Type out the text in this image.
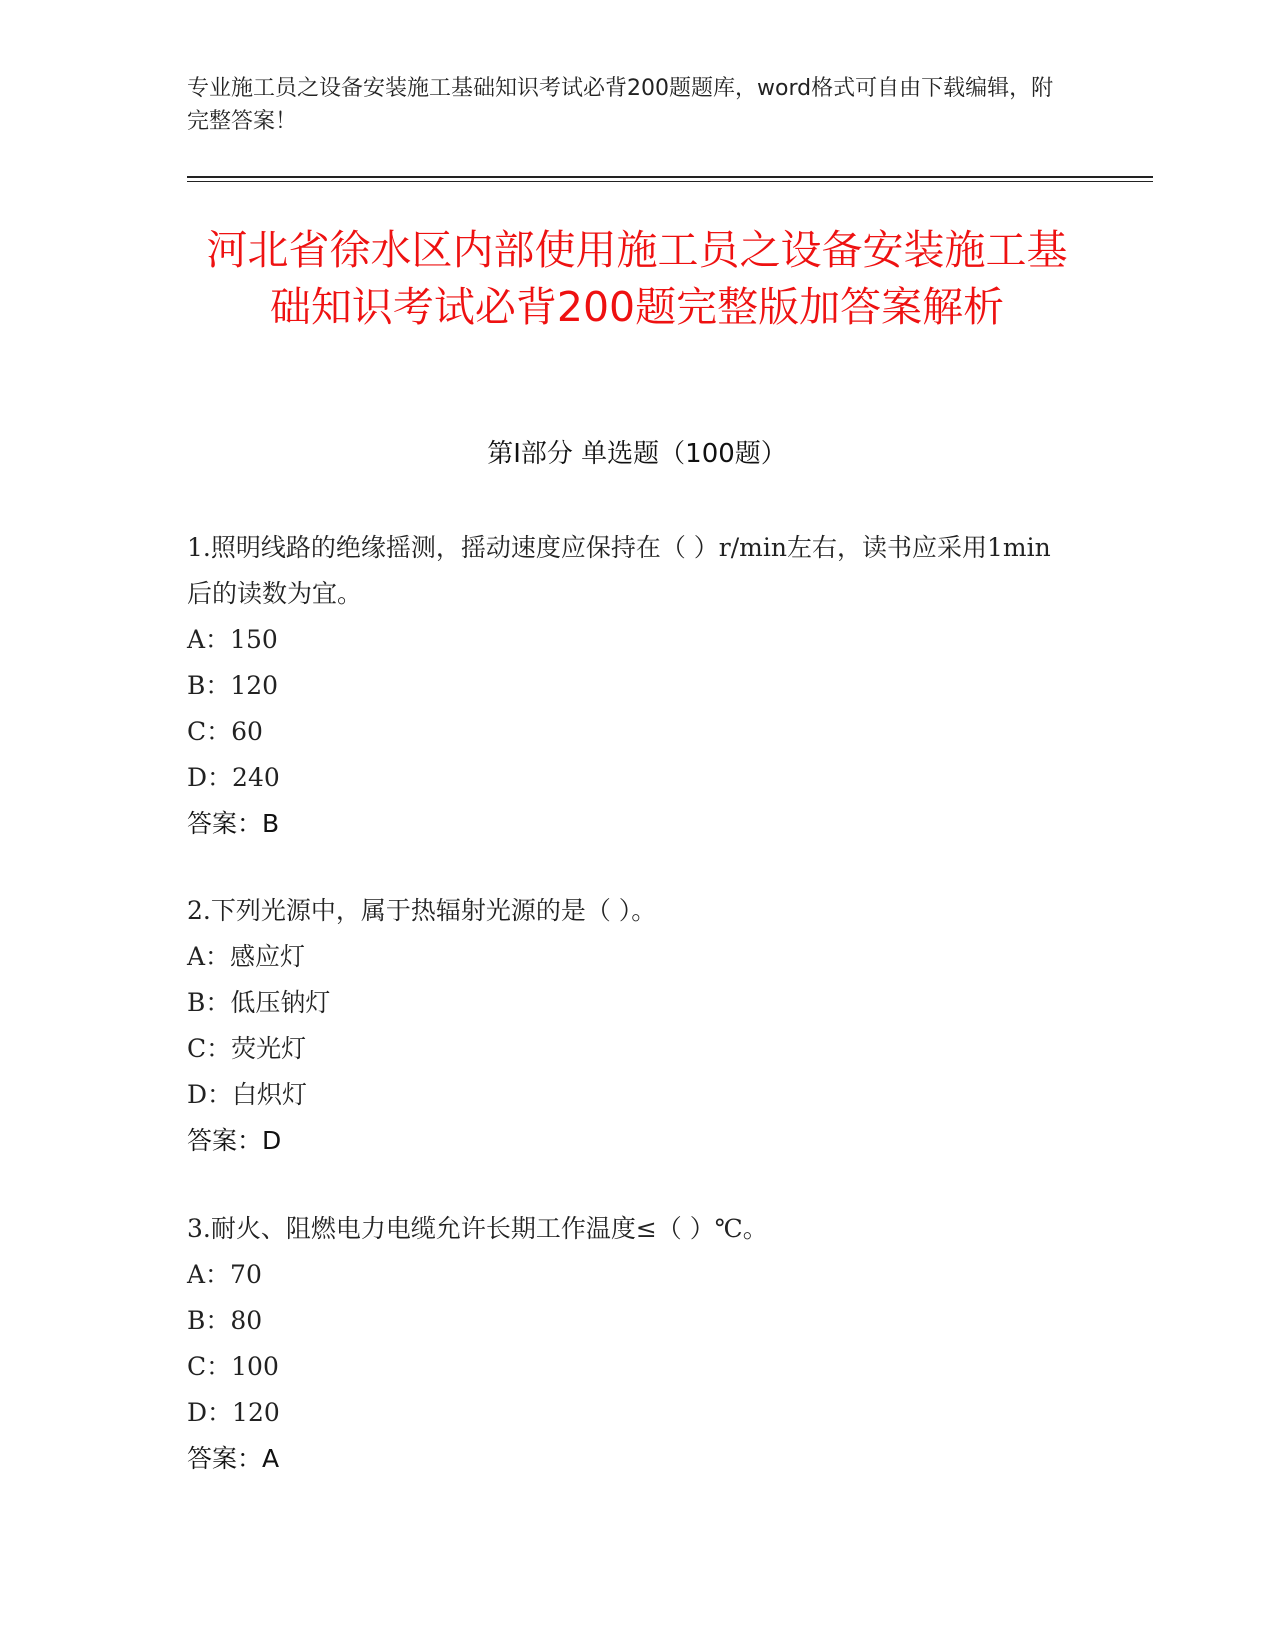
专业施工员之设备安装施工基础知识考试必背200题题库，word格式可自由下载编辑，附完整答案！
河北省徐水区内部使用施工员之设备安装施工基础知识考试必背200题完整版加答案解析
第Ⅰ部分 单选题（100题）
1.照明线路的绝缘摇测，摇动速度应保持在（ ）r/min左右，读书应采用1min后的读数为宜。
A：150
B：120
C：60
D：240
答案：B
2.下列光源中，属于热辐射光源的是（ ）。
A：感应灯
B：低压钠灯
C：荧光灯
D：白炽灯
答案：D
3.耐火、阻燃电力电缆允许长期工作温度≤（ ）℃。
A：70
B：80
C：100
D：120
答案：A
